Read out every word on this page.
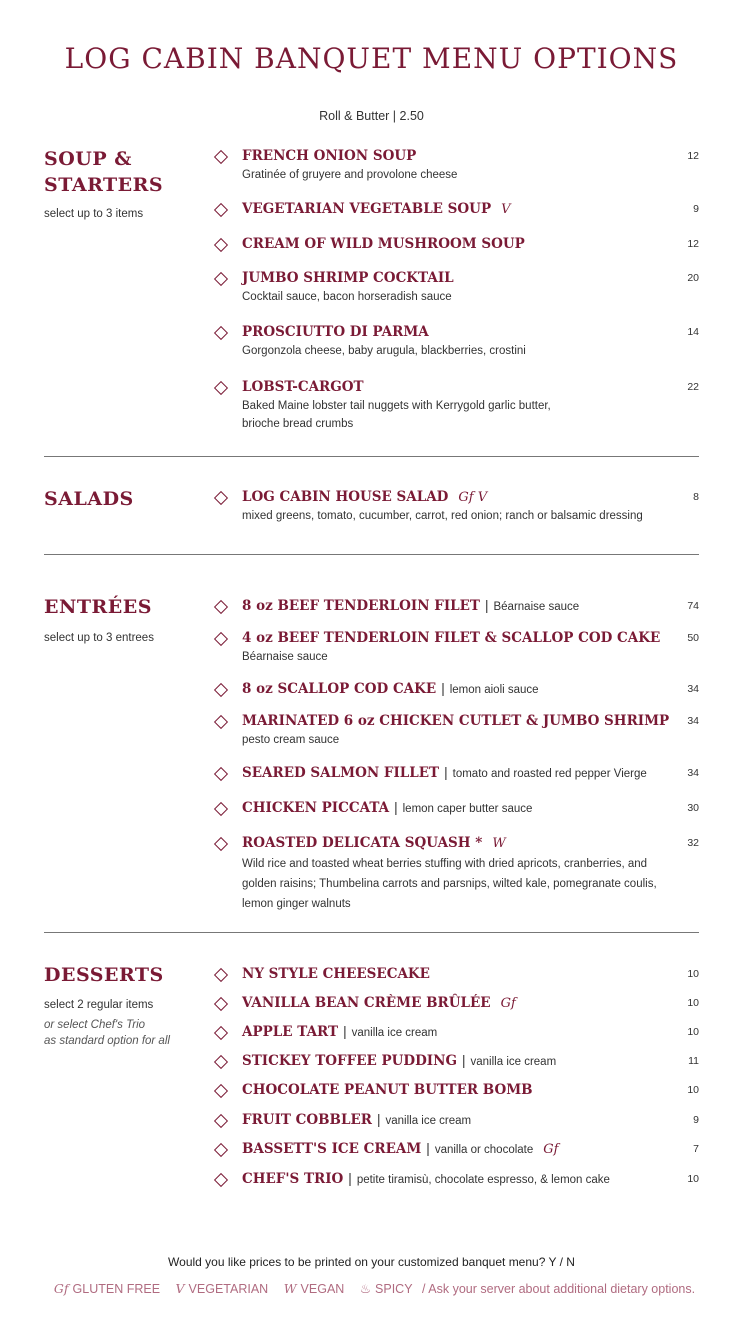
LOG CABIN BANQUET MENU OPTIONS
Roll & Butter | 2.50
SOUP &
STARTERS
select up to 3 items
FRENCH ONION SOUP
Gratinée of gruyere and provolone cheese
12
VEGETARIAN VEGETABLE SOUP V	9
CREAM OF WILD MUSHROOM SOUP	12
JUMBO SHRIMP COCKTAIL
Cocktail sauce, bacon horseradish sauce
20
PROSCIUTTO DI PARMA
Gorgonzola cheese, baby arugula, blackberries, crostini
14
LOBST-CARGOT
Baked Maine lobster tail nuggets with Kerrygold garlic butter,
brioche bread crumbs
22
SALADS	LOG CABIN HOUSE SALAD Gf V
mixed greens, tomato, cucumber, carrot, red onion; ranch or balsamic dressing
8
ENTRÉES
select up to 3 entrees
8 oz BEEF TENDERLOIN FILET | Béarnaise sauce	74
4 oz BEEF TENDERLOIN FILET & SCALLOP COD CAKE
Béarnaise sauce
50
8 oz SCALLOP COD CAKE | lemon aioli sauce	34
MARINATED 6 oz CHICKEN CUTLET & JUMBO SHRIMP
pesto cream sauce
34
SEARED SALMON FILLET | tomato and roasted red pepper Vierge	34
CHICKEN PICCATA | lemon caper butter sauce	30
ROASTED DELICATA SQUASH * W
Wild rice and toasted wheat berries stuffing with dried apricots, cranberries, and
golden raisins; Thumbelina carrots and parsnips, wilted kale, pomegranate coulis,
lemon ginger walnuts
32
DESSERTS
select 2 regular items
or select Chef's Trio
as standard option for all
NY STYLE CHEESECAKE	10
VANILLA BEAN CRÈME BRÛLÉE Gf	10
APPLE TART | vanilla ice cream	10
STICKEY TOFFEE PUDDING | vanilla ice cream	11
CHOCOLATE PEANUT BUTTER BOMB	10
FRUIT COBBLER | vanilla ice cream	9
BASSETT'S ICE CREAM | vanilla or chocolate Gf	7
CHEF'S TRIO | petite tiramisù, chocolate espresso, & lemon cake	10
Would you like prices to be printed on your customized banquet menu? Y / N
Gf GLUTEN FREE V VEGETARIAN W VEGAN ♨ SPICY / Ask your server about additional dietary options.
